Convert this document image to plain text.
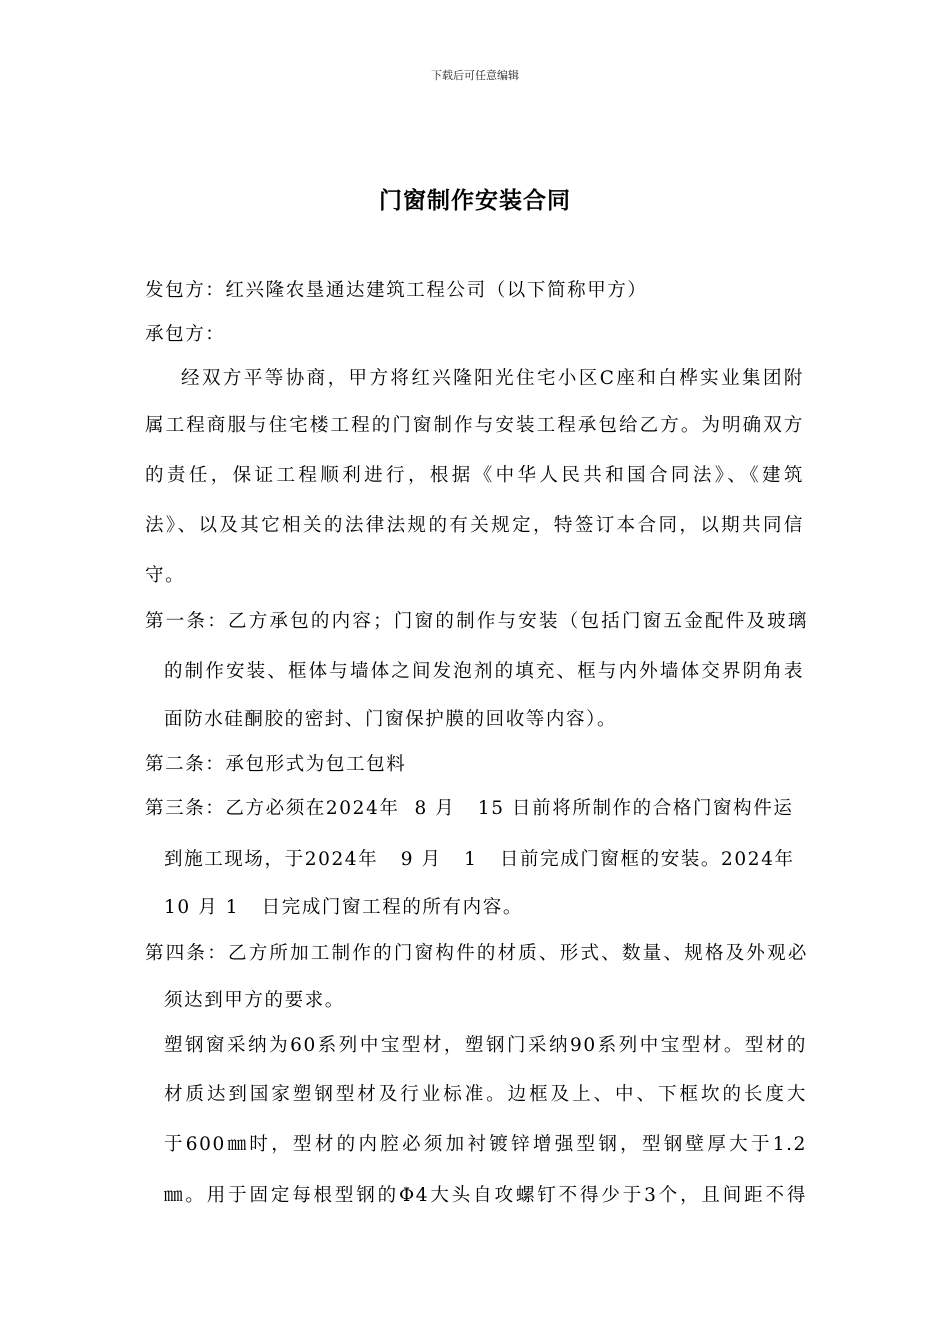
下载后可任意编辑
门窗制作安装合同
发包方：红兴隆农垦通达建筑工程公司（以下简称甲方）
承包方：
经双方平等协商，甲方将红兴隆阳光住宅小区C座和白桦实业集团附
属工程商服与住宅楼工程的门窗制作与安装工程承包给乙方。为明确双方
的责任，保证工程顺利进行，根据《中华人民共和国合同法》、《建筑
法》、以及其它相关的法律法规的有关规定，特签订本合同，以期共同信
守。
第一条：乙方承包的内容；门窗的制作与安装（包括门窗五金配件及玻璃
的制作安装、框体与墙体之间发泡剂的填充、框与内外墙体交界阴角表
面防水硅酮胶的密封、门窗保护膜的回收等内容）。
第二条：承包形式为包工包料
第三条：乙方必须在2024年  8 月   15 日前将所制作的合格门窗构件运
到施工现场，于2024年   9 月   1   日前完成门窗框的安装。2024年
10 月 1   日完成门窗工程的所有内容。
第四条：乙方所加工制作的门窗构件的材质、形式、数量、规格及外观必
须达到甲方的要求。
塑钢窗采纳为60系列中宝型材，塑钢门采纳90系列中宝型材。型材的
材质达到国家塑钢型材及行业标准。边框及上、中、下框坎的长度大
于600㎜时，型材的内腔必须加衬镀锌增强型钢，型钢壁厚大于1.2
㎜。用于固定每根型钢的Φ4大头自攻螺钉不得少于3个，且间距不得
